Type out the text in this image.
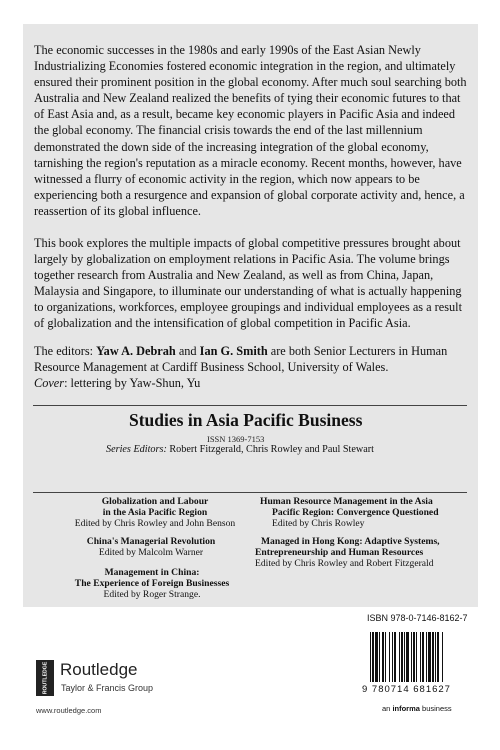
The economic successes in the 1980s and early 1990s of the East Asian Newly Industrializing Economies fostered economic integration in the region, and ultimately ensured their prominent position in the global economy. After much soul searching both Australia and New Zealand realized the benefits of tying their economic futures to that of East Asia and, as a result, became key economic players in Pacific Asia and indeed the global economy. The financial crisis towards the end of the last millennium demonstrated the down side of the increasing integration of the global economy, tarnishing the region's reputation as a miracle economy. Recent months, however, have witnessed a flurry of economic activity in the region, which now appears to be experiencing both a resurgence and expansion of global corporate activity and, hence, a reassertion of its global influence.

This book explores the multiple impacts of global competitive pressures brought about largely by globalization on employment relations in Pacific Asia. The volume brings together research from Australia and New Zealand, as well as from China, Japan, Malaysia and Singapore, to illuminate our understanding of what is actually happening to organizations, workforces, employee groupings and individual employees as a result of globalization and the intensification of global competition in Pacific Asia.

The editors: Yaw A. Debrah and Ian G. Smith are both Senior Lecturers in Human Resource Management at Cardiff Business School, University of Wales.

Cover: lettering by Yaw-Shun, Yu

Studies in Asia Pacific Business
ISSN 1369-7153
Series Editors: Robert Fitzgerald, Chris Rowley and Paul Stewart
Globalization and Labour
in the Asia Pacific Region
Edited by Chris Rowley and John Benson
China's Managerial Revolution
Edited by Malcolm Warner
Management in China:
The Experience of Foreign Businesses
Edited by Roger Strange.
Human Resource Management in the Asia
Pacific Region: Convergence Questioned
Edited by Chris Rowley
Managed in Hong Kong: Adaptive Systems,
Entrepreneurship and Human Resources
Edited by Chris Rowley and Robert Fitzgerald
ROUTLEDGE Routledge
Taylor & Francis Group
www.routledge.com
ISBN 978-0-7146-8162-7
9 780714 681627
an informa business
